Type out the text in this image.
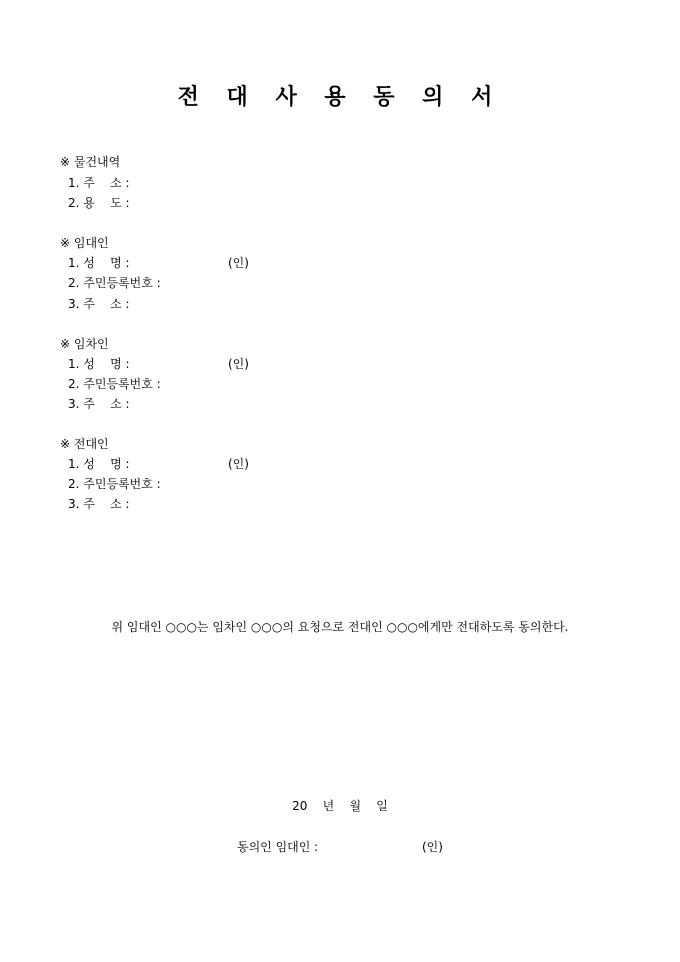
전 대 사 용 동 의 서
※ 물건내역
1. 주    소 :
2. 용    도 :
※ 임대인
1. 성    명 :	(인)
2. 주민등록번호 :
3. 주    소 :
※ 임차인
1. 성    명 :	(인)
2. 주민등록번호 :
3. 주    소 :
※ 전대인
1. 성    명 :	(인)
2. 주민등록번호 :
3. 주    소 :
위 임대인 ○○○는 임차인 ○○○의 요청으로 전대인 ○○○에게만 전대하도록 동의한다.
20    년    월    일
동의인 임대인 :	(인)
